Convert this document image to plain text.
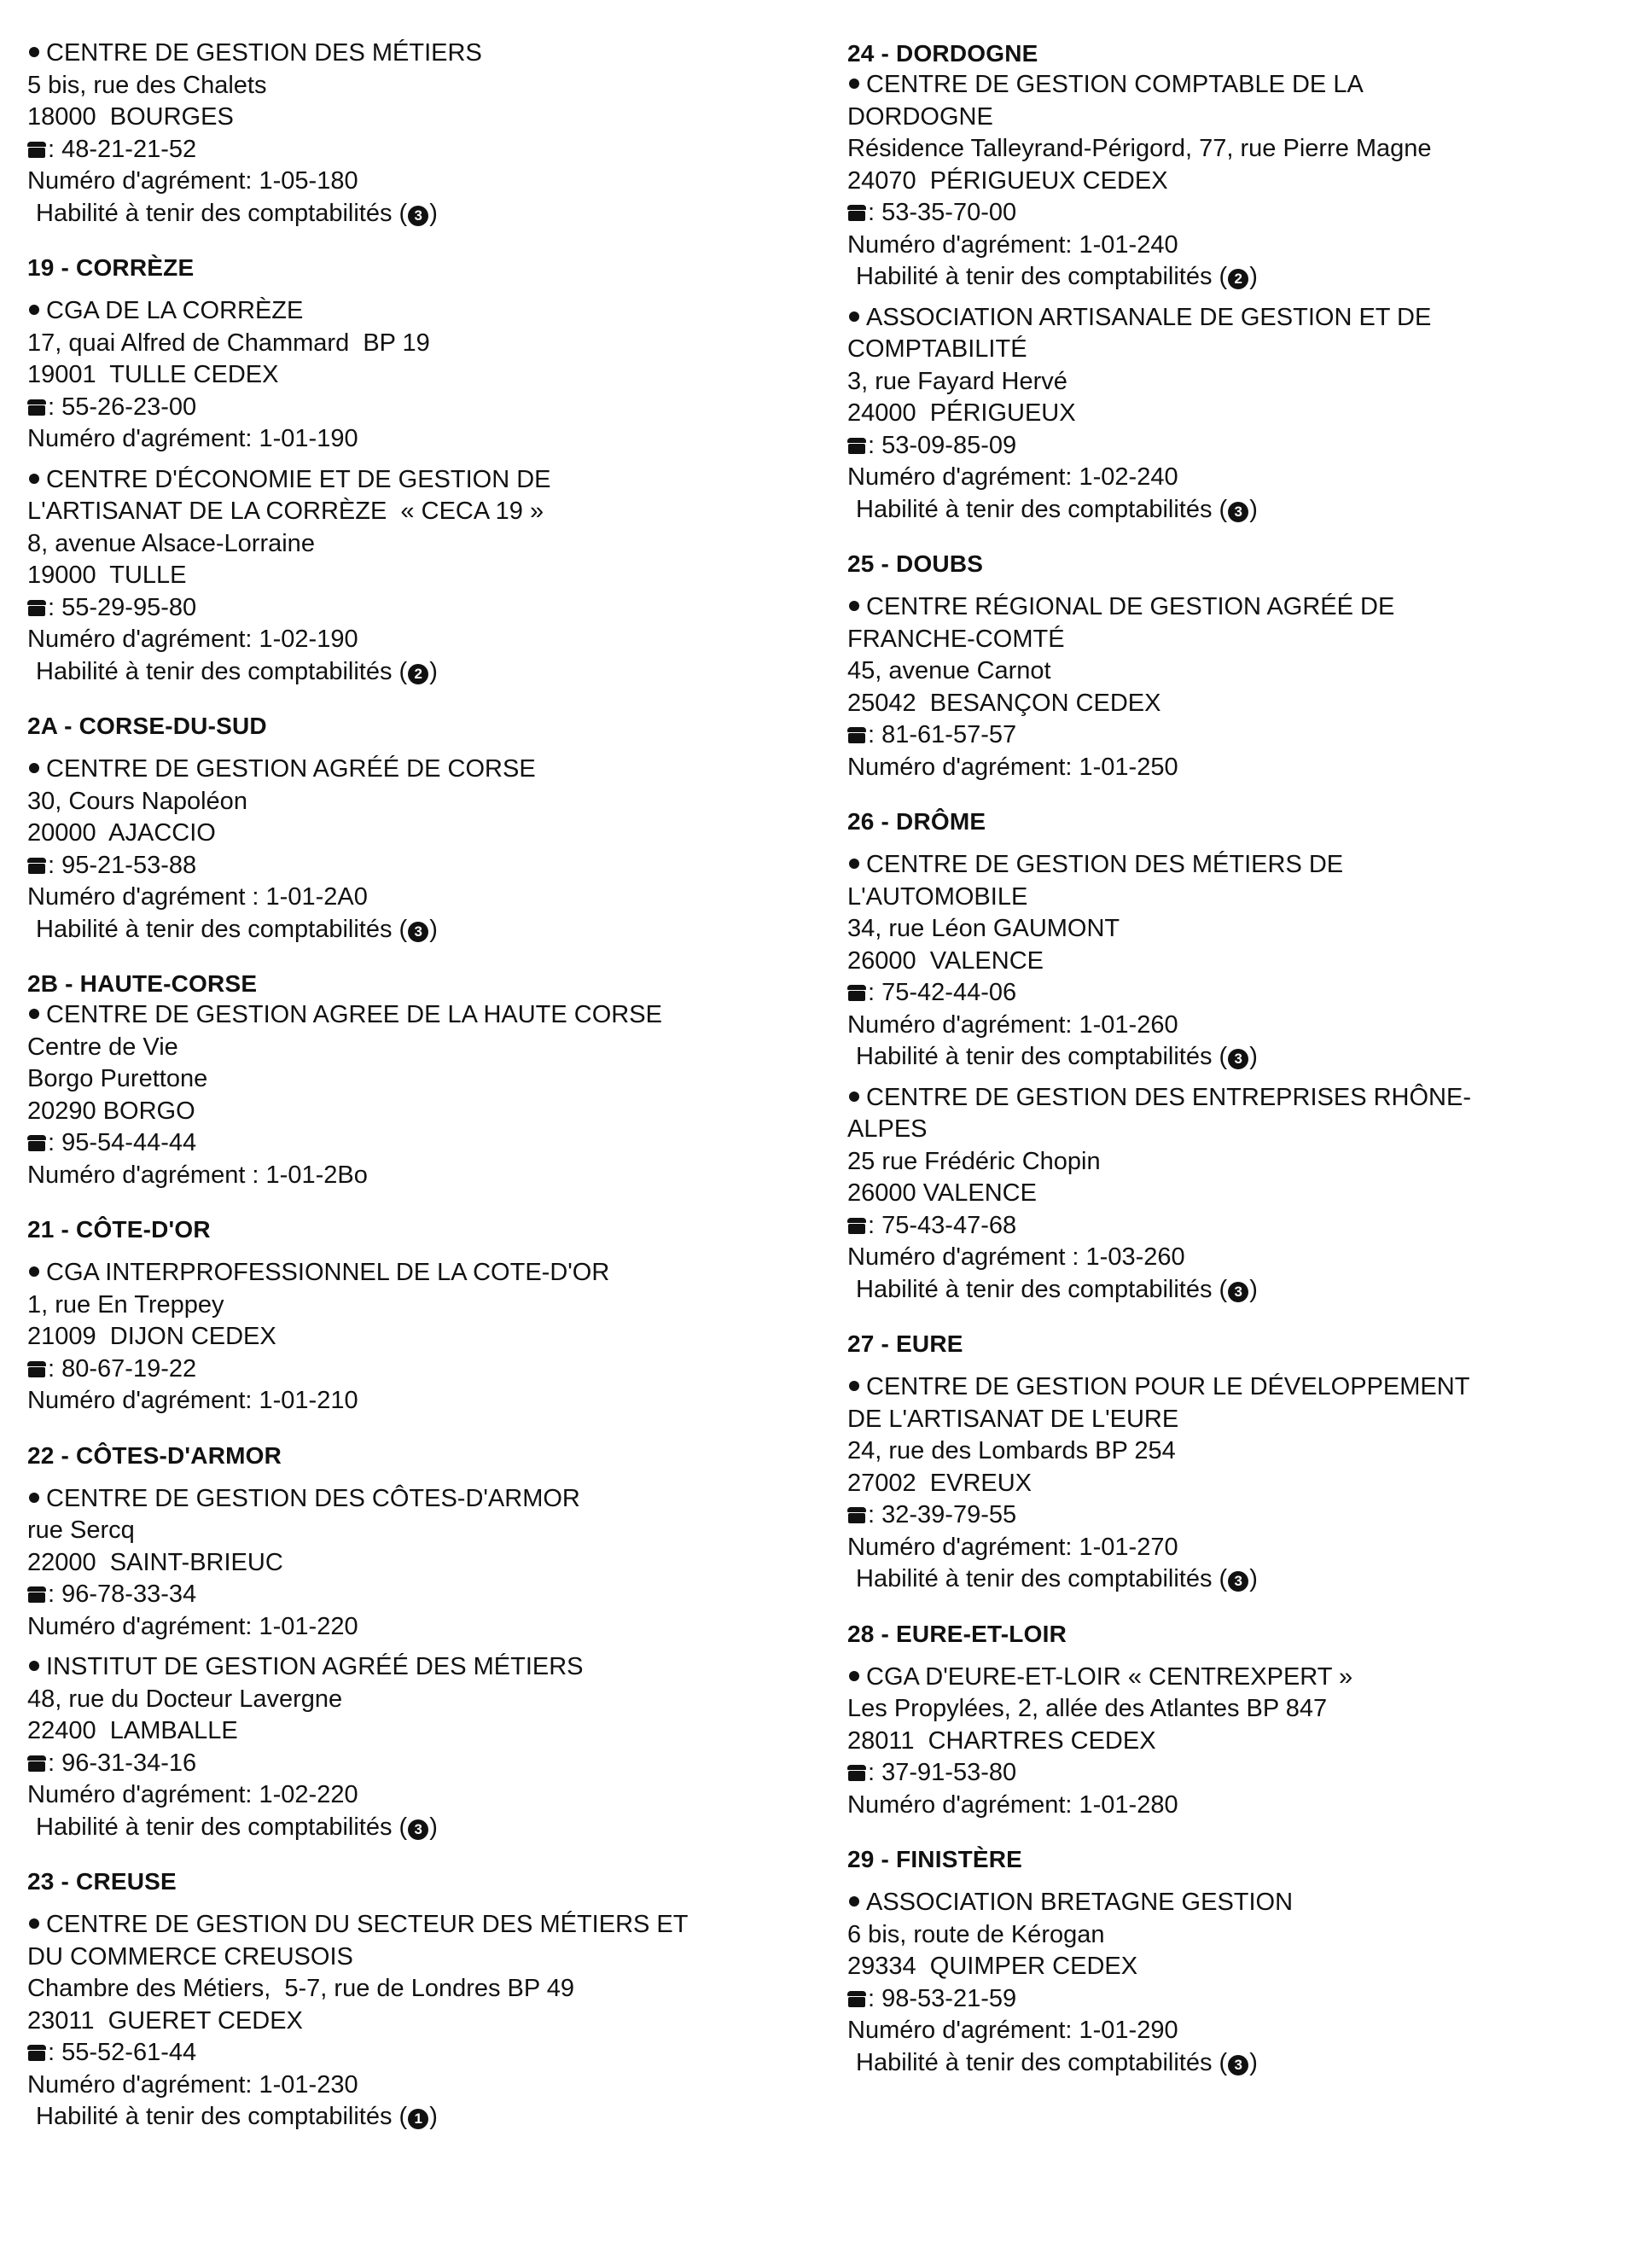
CENTRE DE GESTION DES MÉTIERS
5 bis, rue des Chalets
18000  BOURGES
: 48-21-21-52
Numéro d'agrément: 1-05-180
Habilité à tenir des comptabilités ( 3 )
19 - CORRÈZE
CGA DE LA CORRÈZE
17, quai Alfred de Chammard  BP 19
19001  TULLE CEDEX
: 55-26-23-00
Numéro d'agrément: 1-01-190
CENTRE D'ÉCONOMIE ET DE GESTION DE
L'ARTISANAT DE LA CORRÈZE  « CECA 19 »
8, avenue Alsace-Lorraine
19000  TULLE
: 55-29-95-80
Numéro d'agrément: 1-02-190
Habilité à tenir des comptabilités ( 2 )
2A - CORSE-DU-SUD
CENTRE DE GESTION AGRÉÉ DE CORSE
30, Cours Napoléon
20000  AJACCIO
: 95-21-53-88
Numéro d'agrément : 1-01-2A0
Habilité à tenir des comptabilités ( 3 )
2B - HAUTE-CORSE
CENTRE DE GESTION AGREE DE LA HAUTE CORSE
Centre de Vie
Borgo Purettone
20290 BORGO
: 95-54-44-44
Numéro d'agrément : 1-01-2Bo
21 - CÔTE-D'OR
CGA INTERPROFESSIONNEL DE LA COTE-D'OR
1, rue En Treppey
21009  DIJON CEDEX
: 80-67-19-22
Numéro d'agrément: 1-01-210
22 - CÔTES-D'ARMOR
CENTRE DE GESTION DES CÔTES-D'ARMOR
rue Sercq
22000  SAINT-BRIEUC
: 96-78-33-34
Numéro d'agrément: 1-01-220
INSTITUT DE GESTION AGRÉÉ DES MÉTIERS
48, rue du Docteur Lavergne
22400  LAMBALLE
: 96-31-34-16
Numéro d'agrément: 1-02-220
Habilité à tenir des comptabilités ( 3 )
23 - CREUSE
CENTRE DE GESTION DU SECTEUR DES MÉTIERS ET
DU COMMERCE CREUSOIS
Chambre des Métiers,  5-7, rue de Londres BP 49
23011  GUERET CEDEX
: 55-52-61-44
Numéro d'agrément: 1-01-230
Habilité à tenir des comptabilités ( 1 )
24 - DORDOGNE
CENTRE DE GESTION COMPTABLE DE LA
DORDOGNE
Résidence Talleyrand-Périgord, 77, rue Pierre Magne
24070  PÉRIGUEUX CEDEX
: 53-35-70-00
Numéro d'agrément: 1-01-240
Habilité à tenir des comptabilités ( 2 )
ASSOCIATION ARTISANALE DE GESTION ET DE
COMPTABILITÉ
3, rue Fayard Hervé
24000  PÉRIGUEUX
: 53-09-85-09
Numéro d'agrément: 1-02-240
Habilité à tenir des comptabilités ( 3 )
25 - DOUBS
CENTRE RÉGIONAL DE GESTION AGRÉÉ DE
FRANCHE-COMTÉ
45, avenue Carnot
25042  BESANÇON CEDEX
: 81-61-57-57
Numéro d'agrément: 1-01-250
26 - DRÔME
CENTRE DE GESTION DES MÉTIERS DE
L'AUTOMOBILE
34, rue Léon GAUMONT
26000  VALENCE
: 75-42-44-06
Numéro d'agrément: 1-01-260
Habilité à tenir des comptabilités ( 3 )
CENTRE DE GESTION DES ENTREPRISES RHÔNE-
ALPES
25 rue Frédéric Chopin
26000 VALENCE
: 75-43-47-68
Numéro d'agrément : 1-03-260
Habilité à tenir des comptabilités ( 3 )
27 - EURE
CENTRE DE GESTION POUR LE DÉVELOPPEMENT
DE L'ARTISANAT DE L'EURE
24, rue des Lombards BP 254
27002  EVREUX
: 32-39-79-55
Numéro d'agrément: 1-01-270
Habilité à tenir des comptabilités ( 3 )
28 - EURE-ET-LOIR
CGA D'EURE-ET-LOIR « CENTREXPERT »
Les Propylées, 2, allée des Atlantes BP 847
28011  CHARTRES CEDEX
: 37-91-53-80
Numéro d'agrément: 1-01-280
29 - FINISTÈRE
ASSOCIATION BRETAGNE GESTION
6 bis, route de Kérogan
29334  QUIMPER CEDEX
: 98-53-21-59
Numéro d'agrément: 1-01-290
Habilité à tenir des comptabilités ( 3 )
